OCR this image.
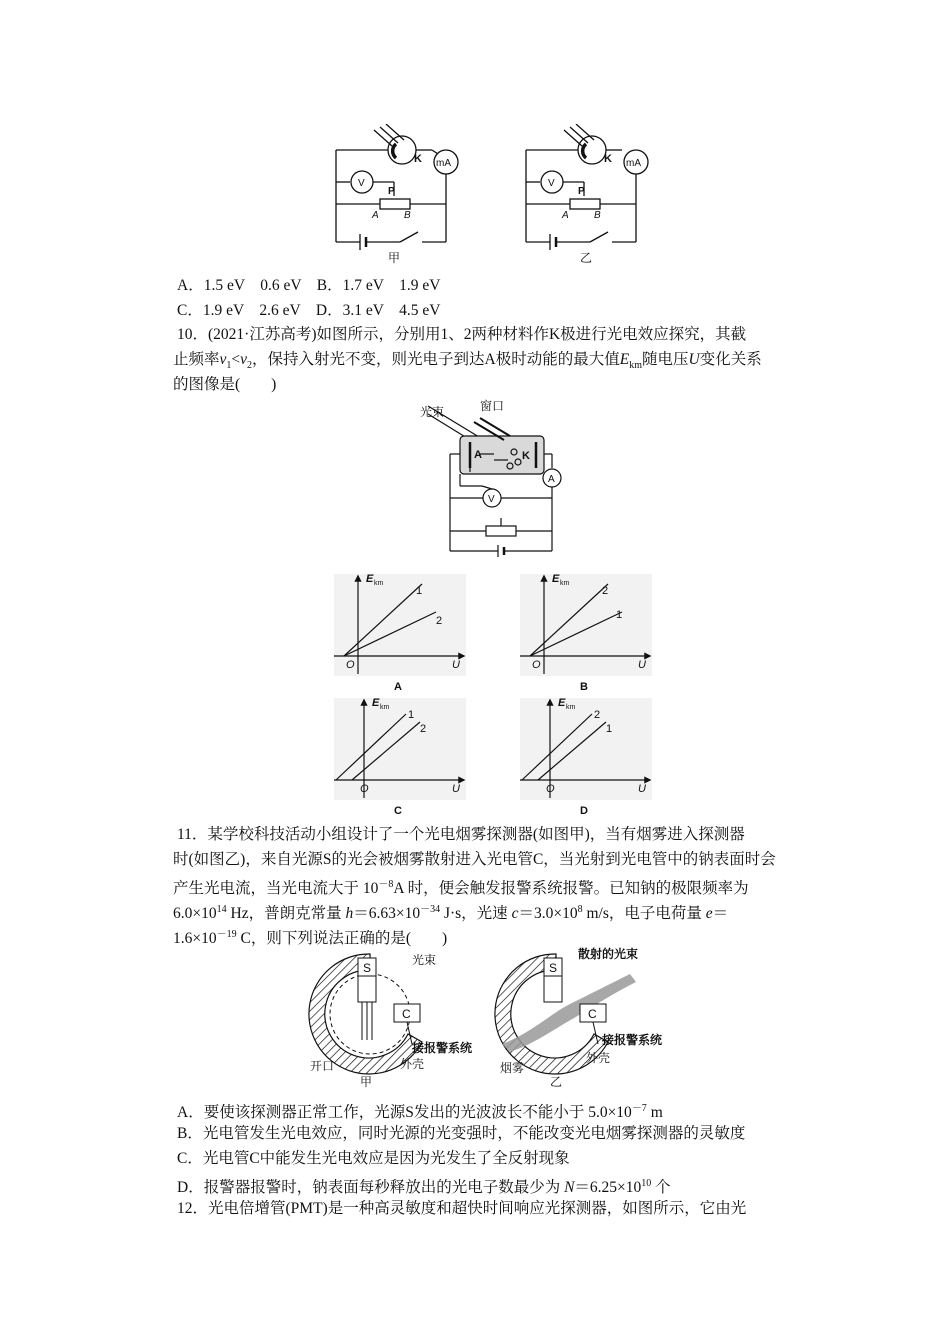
K mA
V
P
A	B
甲
K mA
V
P
A	B
乙
A．1.5 eV　0.6 eV　B．1.7 eV　1.9 eV
C．1.9 eV　2.6 eV　D．3.1 eV　4.5 eV
10．(2021·江苏高考)如图所示，分别用1、2两种材料作K极进行光电效应探究，其截
止频率$\nu_1<\nu_2$，保持入射光不变，则光电子到达A极时动能的最大值$E_{km}$随电压U变化关系
的图像是(　　)
光束	窗口
A	K
A
V
E km
1
2
O	U
A
E km
2
1
O	U
B
E km
1
2
O	U
C
E km
2
1
O	U
D
11．某学校科技活动小组设计了一个光电烟雾探测器(如图甲)，当有烟雾进入探测器
时(如图乙)，来自光源S的光会被烟雾散射进入光电管C，当光射到光电管中的钠表面时会
产生光电流，当光电流大于 $10^{-8}A$ 时，便会触发报警系统报警。已知钠的极限频率为
$6.0\times 10^{14}$ Hz，普朗克常量 $h=6.63\times 10^{-34}$ J·s，光速 $c=3.0\times 10^8$ m/s，电子电荷量 e＝
$1.6\times 10^{-19}$ C，则下列说法正确的是(　　)
S
C
光束
接报警系统
外壳
开口
甲
S
C
散射的光束
接报警系统
外壳
烟雾
乙
A．要使该探测器正常工作，光源S发出的光波波长不能小于 $5.0\times 10^{-7}$ m
B．光电管发生光电效应，同时光源的光变强时，不能改变光电烟雾探测器的灵敏度
C．光电管C中能发生光电效应是因为光发生了全反射现象
D．报警器报警时，钠表面每秒释放出的光电子数最少为 $N=6.25\times 10^{10}$ 个
12．光电倍增管(PMT)是一种高灵敏度和超快时间响应光探测器，如图所示，它由光
